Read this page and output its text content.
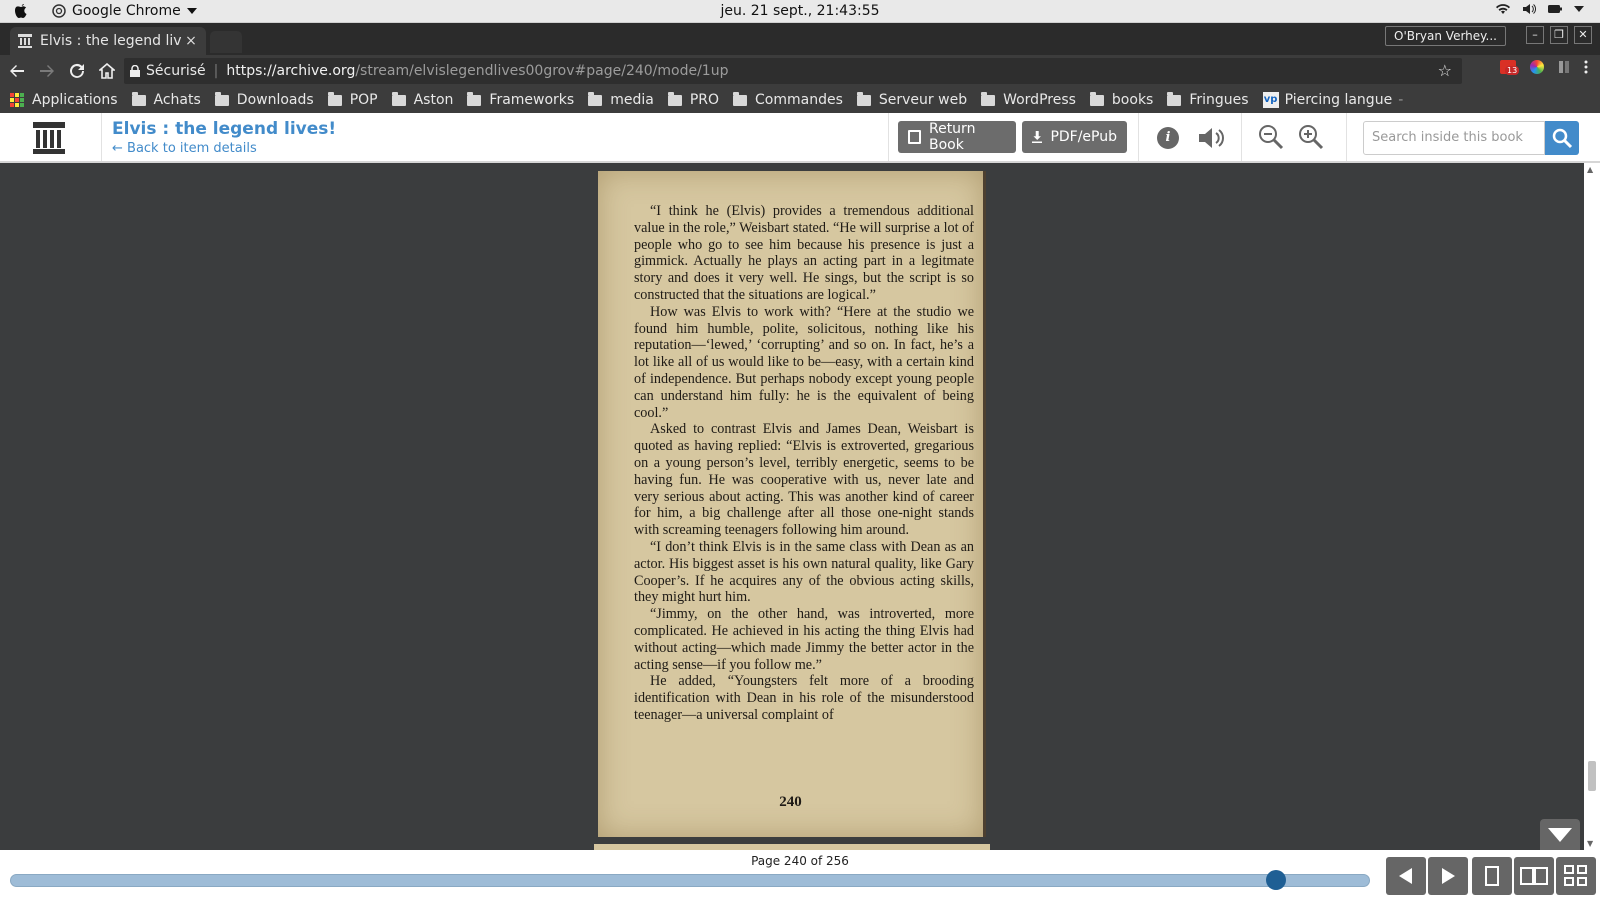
Google Chrome	jeu. 21 sept., 21:43:55
Elvis : the legend liv ×	O'Bryan Verhey...	–	❐	✕
Sécurisé | https://archive.org /stream/elvislegendlives00grov#page/240/mode/1up	☆	13
Applications	Achats	Downloads	POP	Aston	Frameworks	media	PRO	Commandes	Serveur web	WordPress	books	Fringues vp Piercing langue -
Elvis : the legend lives!
← Back to item details
Return Book	PDF/ePub	i	Search inside this book

“I think he (Elvis) provides a tremendous additional value in the role,” Weisbart stated. “He will surprise a lot of people who go to see him because his presence is just a gimmick. Actually he plays an acting part in a legitmate story and does it very well. He sings, but the script is so constructed that the situations are logical.”

How was Elvis to work with? “Here at the studio we found him humble, polite, solicitous, nothing like his reputation—‘lewed,’ ‘corrupting’ and so on. In fact, he’s a lot like all of us would like to be—easy, with a certain kind of independence. But perhaps nobody except young people can understand him fully: he is the equivalent of being cool.”

Asked to contrast Elvis and James Dean, Weisbart is quoted as having replied: “Elvis is extroverted, gregarious on a young person’s level, terribly energetic, seems to be having fun. He was cooperative with us, never late and very serious about acting. This was another kind of career for him, a big challenge after all those one-night stands with screaming teenagers following him around.

“I don’t think Elvis is in the same class with Dean as an actor. His biggest asset is his own natural quality, like Gary Cooper’s. If he acquires any of the obvious acting skills, they might hurt him.

“Jimmy, on the other hand, was introverted, more complicated. He achieved in his acting the thing Elvis had without acting—which made Jimmy the better actor in the acting sense—if you follow me.”

He added, “Youngsters felt more of a brooding identification with Dean in his role of the misunderstood teenager—a universal complaint of

240
▲
▼
Page 240 of 256
